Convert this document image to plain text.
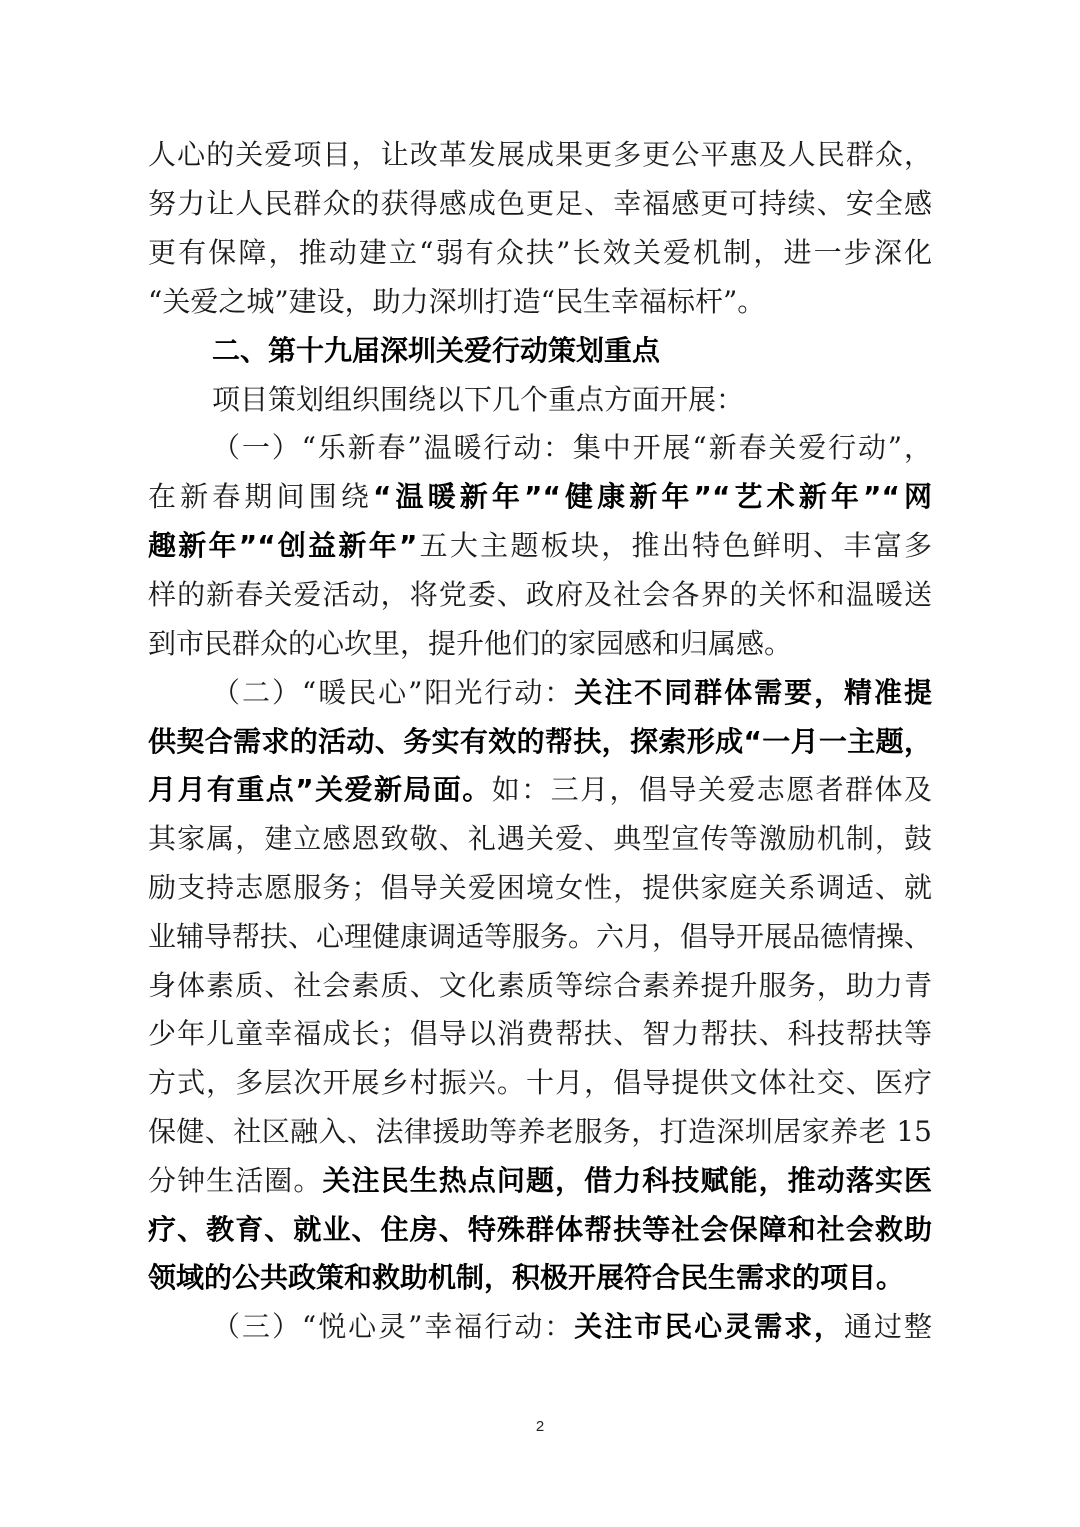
人心的关爱项目，让改革发展成果更多更公平惠及人民群众，
努力让人民群众的获得感成色更足、幸福感更可持续、安全感
更有保障，推动建立“弱有众扶”长效关爱机制，进一步深化
“关爱之城”建设，助力深圳打造“民生幸福标杆”。
二、第十九届深圳关爱行动策划重点
项目策划组织围绕以下几个重点方面开展：
（一）“乐新春”温暖行动：集中开展“新春关爱行动”，
在新春期间围绕“温暖新年”“健康新年”“艺术新年”“网
趣新年”“创益新年”五大主题板块，推出特色鲜明、丰富多
样的新春关爱活动，将党委、政府及社会各界的关怀和温暖送
到市民群众的心坎里，提升他们的家园感和归属感。
（二）“暖民心”阳光行动：关注不同群体需要，精准提
供契合需求的活动、务实有效的帮扶，探索形成“一月一主题，
月月有重点”关爱新局面。如：三月，倡导关爱志愿者群体及
其家属，建立感恩致敬、礼遇关爱、典型宣传等激励机制，鼓
励支持志愿服务；倡导关爱困境女性，提供家庭关系调适、就
业辅导帮扶、心理健康调适等服务。六月，倡导开展品德情操、
身体素质、社会素质、文化素质等综合素养提升服务，助力青
少年儿童幸福成长；倡导以消费帮扶、智力帮扶、科技帮扶等
方式，多层次开展乡村振兴。十月，倡导提供文体社交、医疗
保健、社区融入、法律援助等养老服务，打造深圳居家养老 15
分钟生活圈。关注民生热点问题，借力科技赋能，推动落实医
疗、教育、就业、住房、特殊群体帮扶等社会保障和社会救助
领域的公共政策和救助机制，积极开展符合民生需求的项目。
（三）“悦心灵”幸福行动：关注市民心灵需求，通过整
2
